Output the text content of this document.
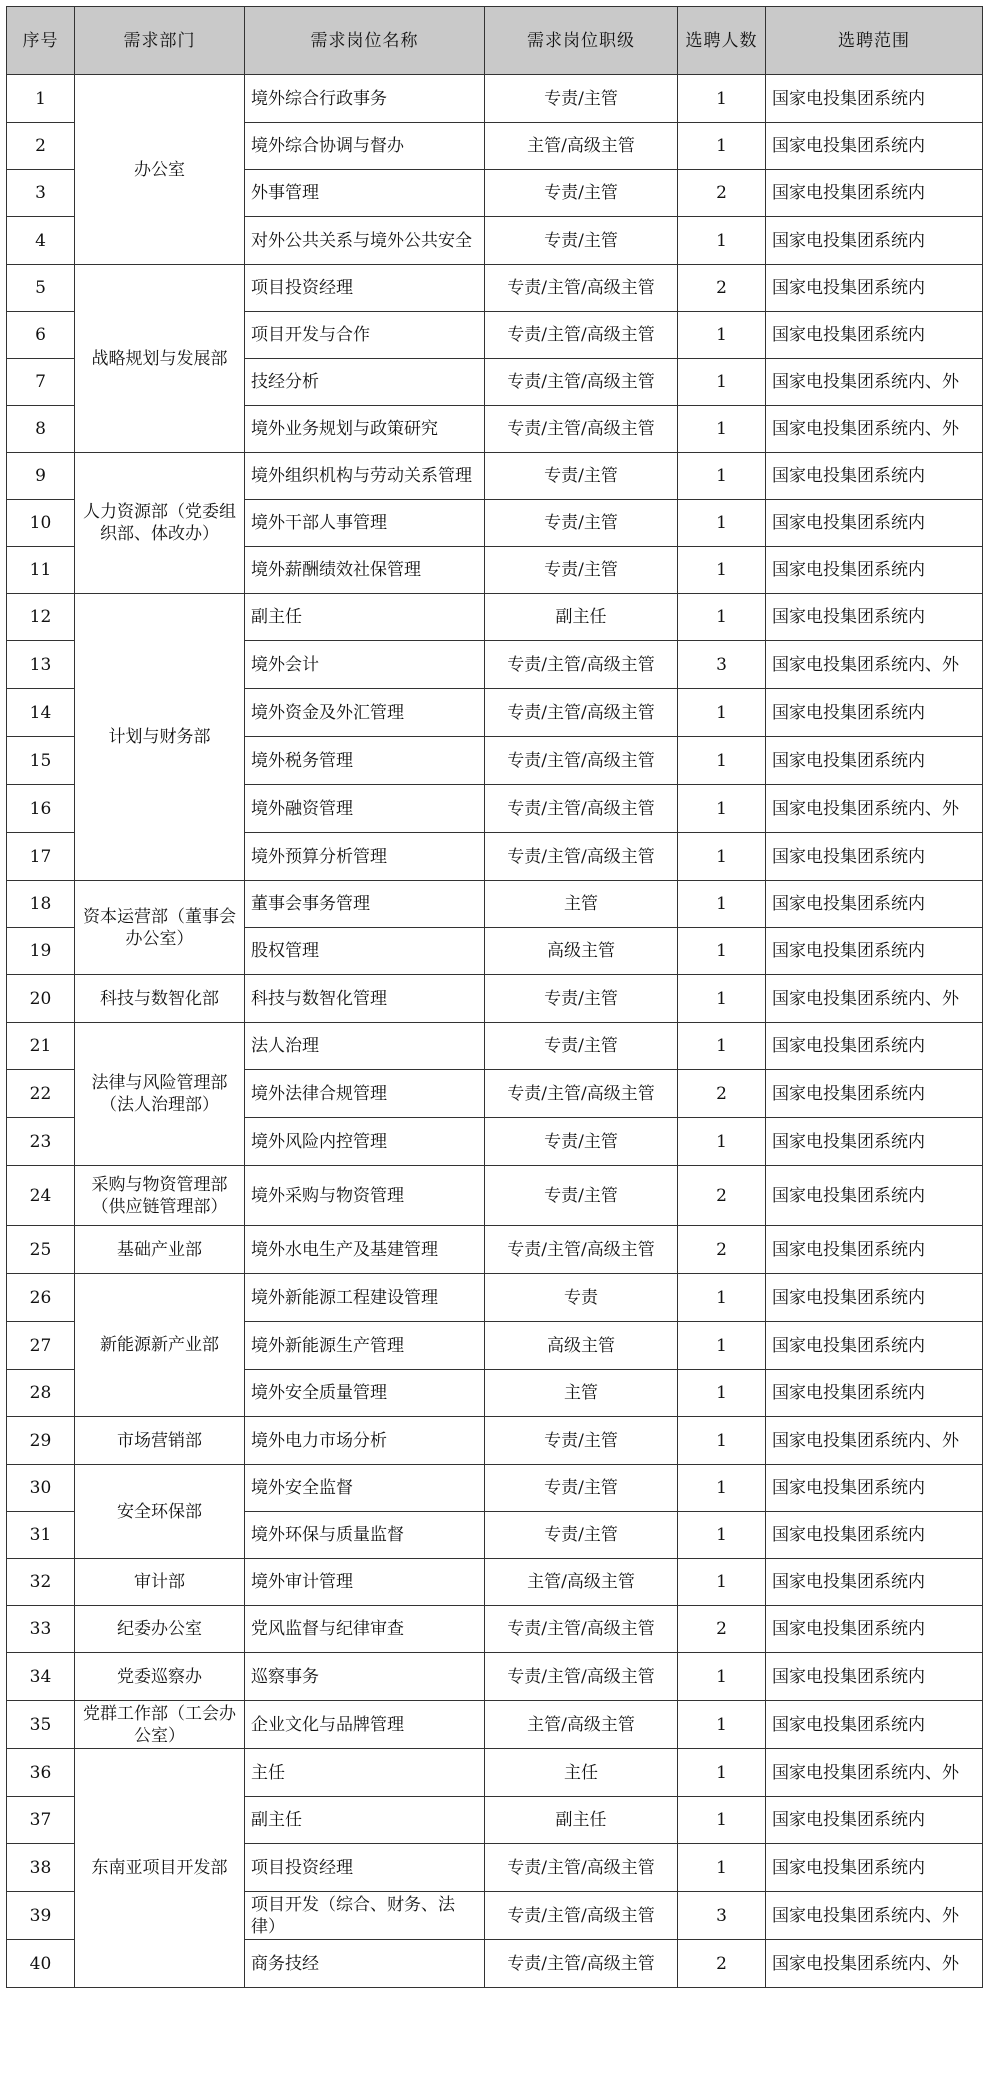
序号	需求部门	需求岗位名称	需求岗位职级	选聘人数	选聘范围
1	办公室	境外综合行政事务	专责/主管	1	国家电投集团系统内
2		境外综合协调与督办	主管/高级主管	1	国家电投集团系统内
3		外事管理	专责/主管	2	国家电投集团系统内
4		对外公共关系与境外公共安全	专责/主管	1	国家电投集团系统内
5	战略规划与发展部	项目投资经理	专责/主管/高级主管	2	国家电投集团系统内
6		项目开发与合作	专责/主管/高级主管	1	国家电投集团系统内
7		技经分析	专责/主管/高级主管	1	国家电投集团系统内、外
8		境外业务规划与政策研究	专责/主管/高级主管	1	国家电投集团系统内、外
9	人力资源部（党委组织部、体改办）	境外组织机构与劳动关系管理	专责/主管	1	国家电投集团系统内
10		境外干部人事管理	专责/主管	1	国家电投集团系统内
11		境外薪酬绩效社保管理	专责/主管	1	国家电投集团系统内
12	计划与财务部	副主任	副主任	1	国家电投集团系统内
13		境外会计	专责/主管/高级主管	3	国家电投集团系统内、外
14		境外资金及外汇管理	专责/主管/高级主管	1	国家电投集团系统内
15		境外税务管理	专责/主管/高级主管	1	国家电投集团系统内
16		境外融资管理	专责/主管/高级主管	1	国家电投集团系统内、外
17		境外预算分析管理	专责/主管/高级主管	1	国家电投集团系统内
18	资本运营部（董事会办公室）	董事会事务管理	主管	1	国家电投集团系统内
19		股权管理	高级主管	1	国家电投集团系统内
20	科技与数智化部	科技与数智化管理	专责/主管	1	国家电投集团系统内、外
21	法律与风险管理部（法人治理部）	法人治理	专责/主管	1	国家电投集团系统内
22		境外法律合规管理	专责/主管/高级主管	2	国家电投集团系统内
23		境外风险内控管理	专责/主管	1	国家电投集团系统内
24	采购与物资管理部（供应链管理部）	境外采购与物资管理	专责/主管	2	国家电投集团系统内
25	基础产业部	境外水电生产及基建管理	专责/主管/高级主管	2	国家电投集团系统内
26	新能源新产业部	境外新能源工程建设管理	专责	1	国家电投集团系统内
27		境外新能源生产管理	高级主管	1	国家电投集团系统内
28		境外安全质量管理	主管	1	国家电投集团系统内
29	市场营销部	境外电力市场分析	专责/主管	1	国家电投集团系统内、外
30	安全环保部	境外安全监督	专责/主管	1	国家电投集团系统内
31		境外环保与质量监督	专责/主管	1	国家电投集团系统内
32	审计部	境外审计管理	主管/高级主管	1	国家电投集团系统内
33	纪委办公室	党风监督与纪律审查	专责/主管/高级主管	2	国家电投集团系统内
34	党委巡察办	巡察事务	专责/主管/高级主管	1	国家电投集团系统内
35	党群工作部（工会办公室）	企业文化与品牌管理	主管/高级主管	1	国家电投集团系统内
36	东南亚项目开发部	主任	主任	1	国家电投集团系统内、外
37		副主任	副主任	1	国家电投集团系统内
38		项目投资经理	专责/主管/高级主管	1	国家电投集团系统内
39		项目开发（综合、财务、法律）	专责/主管/高级主管	3	国家电投集团系统内、外
40		商务技经	专责/主管/高级主管	2	国家电投集团系统内、外
